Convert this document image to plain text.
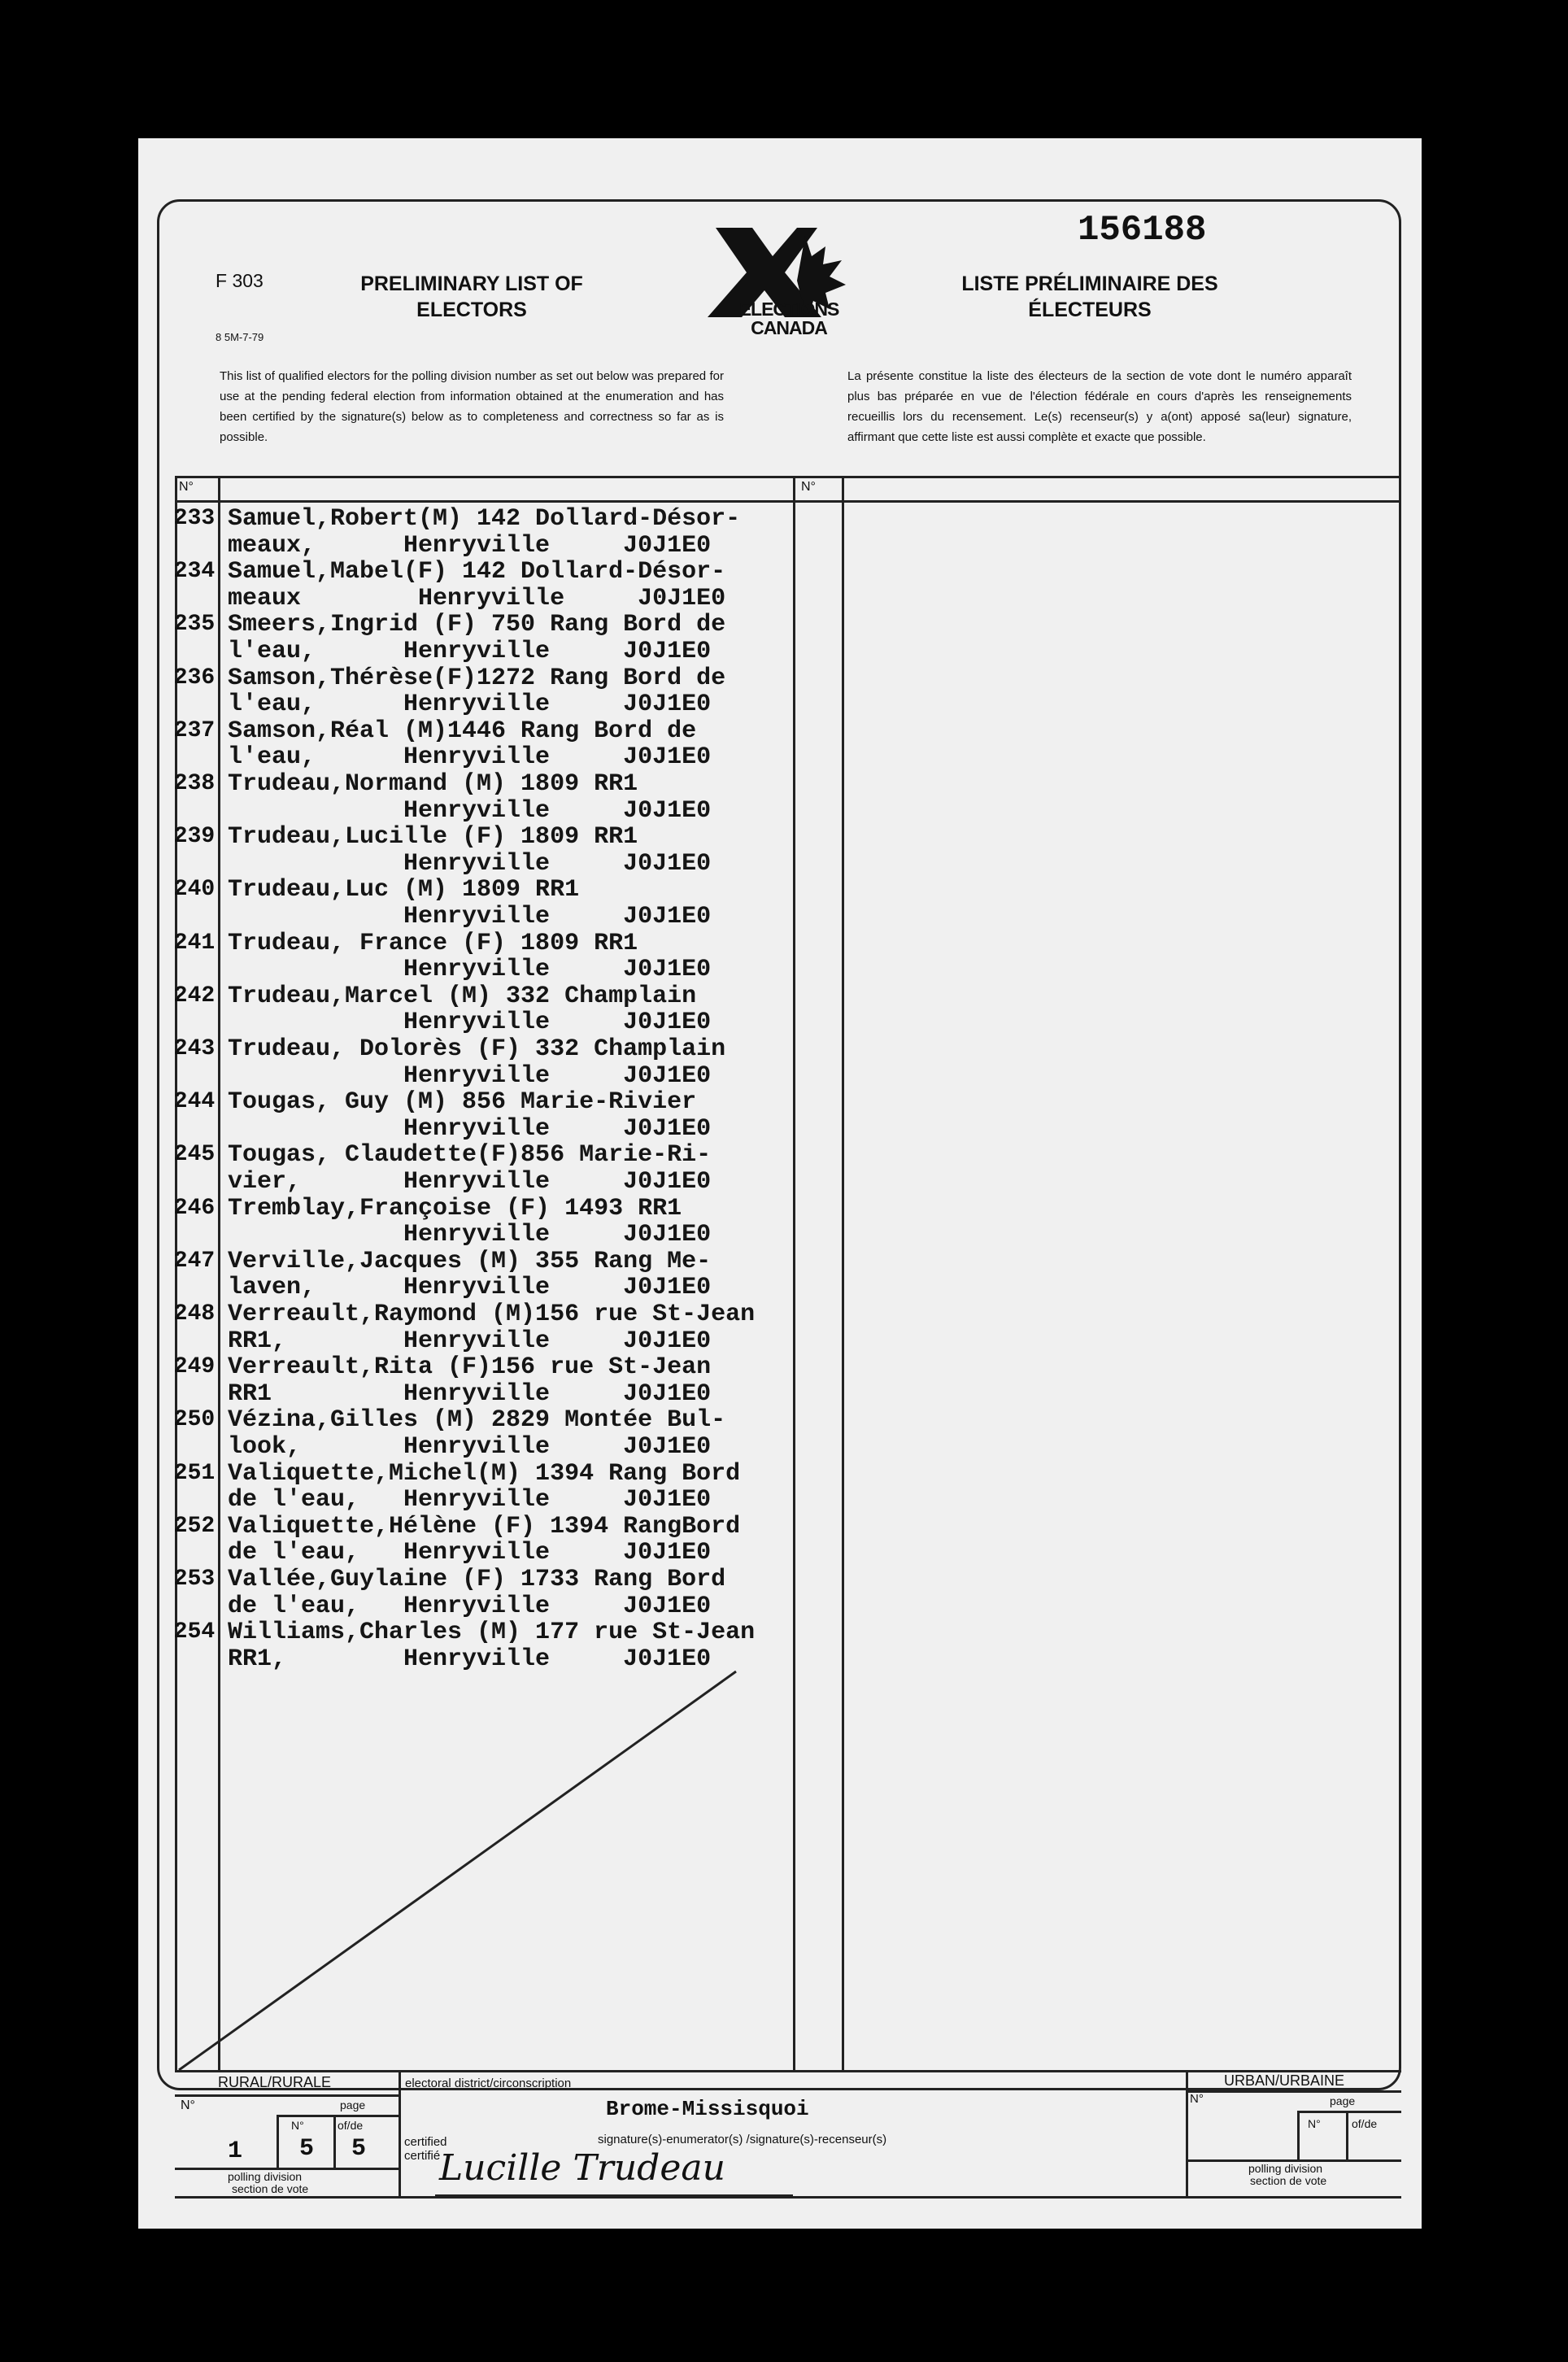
F 303
8 5M-7-79
PRELIMINARY LIST OF ELECTORS	ELECTIONS
CANADA
156188
LISTE PRÉLIMINAIRE DES ÉLECTEURS
This list of qualified electors for the polling division number as set out below was prepared for use at the pending federal election from information obtained at the enumeration and has been certified by the signature(s) below as to completeness and correctness so far as is possible.
La présente constitue la liste des électeurs de la section de vote dont le numéro apparaît plus bas préparée en vue de l'élection fédérale en cours d'après les renseignements recueillis lors du recensement. Le(s) recenseur(s) y a(ont) apposé sa(leur) signature, affirmant que cette liste est aussi complète et exacte que possible.
N°	N°
233 Samuel,Robert(M) 142 Dollard-Désor-
meaux,      Henryville     J0J1E0
234 Samuel,Mabel(F) 142 Dollard-Désor-
meaux        Henryville     J0J1E0
235 Smeers,Ingrid (F) 750 Rang Bord de
l'eau,      Henryville     J0J1E0
236 Samson,Thérèse(F)1272 Rang Bord de
l'eau,      Henryville     J0J1E0
237 Samson,Réal (M)1446 Rang Bord de
l'eau,      Henryville     J0J1E0
238 Trudeau,Normand (M) 1809 RR1
Henryville     J0J1E0
239 Trudeau,Lucille (F) 1809 RR1
Henryville     J0J1E0
240 Trudeau,Luc (M) 1809 RR1
Henryville     J0J1E0
241 Trudeau, France (F) 1809 RR1
Henryville     J0J1E0
242 Trudeau,Marcel (M) 332 Champlain
Henryville     J0J1E0
243 Trudeau, Dolorès (F) 332 Champlain
Henryville     J0J1E0
244 Tougas, Guy (M) 856 Marie-Rivier
Henryville     J0J1E0
245 Tougas, Claudette(F)856 Marie-Ri-
vier,       Henryville     J0J1E0
246 Tremblay,Françoise (F) 1493 RR1
Henryville     J0J1E0
247 Verville,Jacques (M) 355 Rang Me-
laven,      Henryville     J0J1E0
248 Verreault,Raymond (M)156 rue St-Jean
RR1,        Henryville     J0J1E0
249 Verreault,Rita (F)156 rue St-Jean
RR1         Henryville     J0J1E0
250 Vézina,Gilles (M) 2829 Montée Bul-
look,       Henryville     J0J1E0
251 Valiquette,Michel(M) 1394 Rang Bord
de l'eau,   Henryville     J0J1E0
252 Valiquette,Hélène (F) 1394 RangBord
de l'eau,   Henryville     J0J1E0
253 Vallée,Guylaine (F) 1733 Rang Bord
de l'eau,   Henryville     J0J1E0
254 Williams,Charles (M) 177 rue St-Jean
RR1,        Henryville     J0J1E0
RURAL/RURALE
N°	page
N°	of/de
1 5 5
polling division
section de vote
electoral district/circonscription
Brome-Missisquoi
signature(s)-enumerator(s) /signature(s)-recenseur(s)
certified
certifié
Lucille Trudeau
URBAN/URBAINE
N°	page
N°	of/de
polling division
section de vote
